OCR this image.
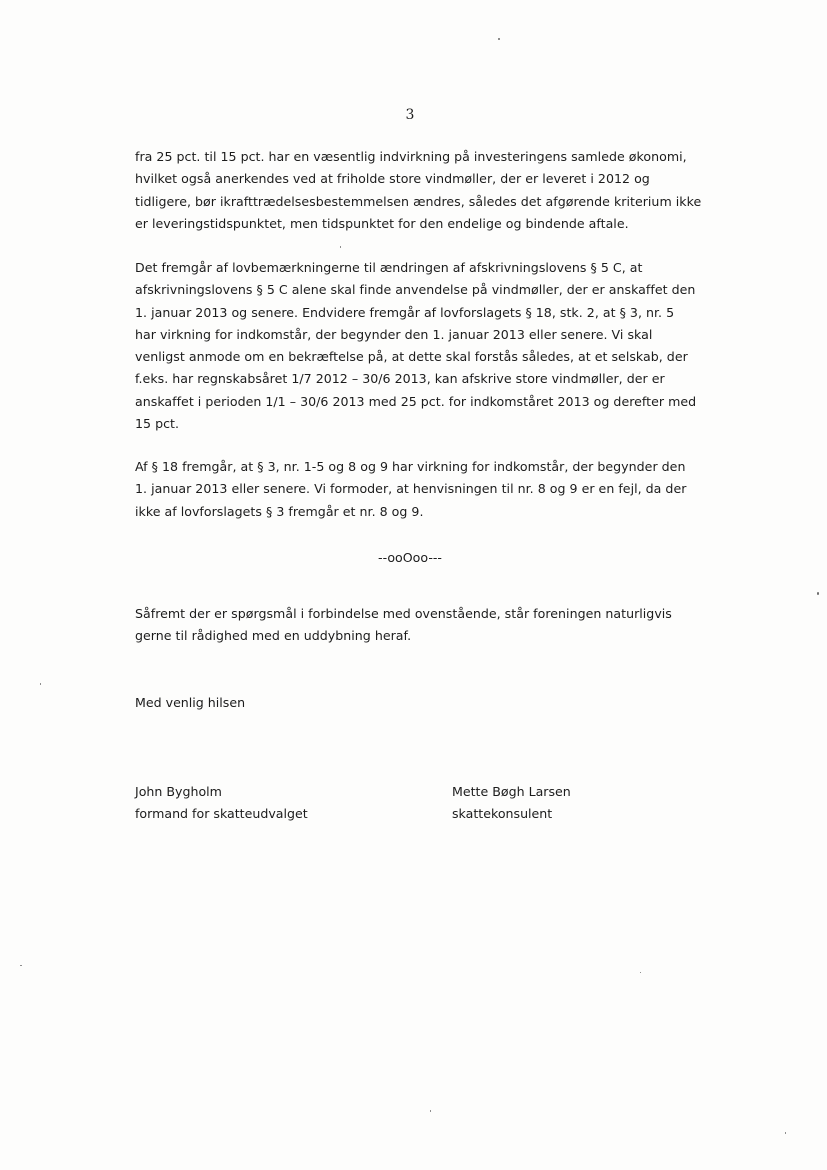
3
fra 25 pct. til 15 pct. har en væsentlig indvirkning på investeringens samlede økonomi,
hvilket også anerkendes ved at friholde store vindmøller, der er leveret i 2012 og
tidligere, bør ikrafttrædelsesbestemmelsen ændres, således det afgørende kriterium ikke
er leveringstidspunktet, men tidspunktet for den endelige og bindende aftale.
Det fremgår af lovbemærkningerne til ændringen af afskrivningslovens § 5 C, at
afskrivningslovens § 5 C alene skal finde anvendelse på vindmøller, der er anskaffet den
1. januar 2013 og senere. Endvidere fremgår af lovforslagets § 18, stk. 2, at § 3, nr. 5
har virkning for indkomstår, der begynder den 1. januar 2013 eller senere. Vi skal
venligst anmode om en bekræftelse på, at dette skal forstås således, at et selskab, der
f.eks. har regnskabsåret 1/7 2012 – 30/6 2013, kan afskrive store vindmøller, der er
anskaffet i perioden 1/1 – 30/6 2013 med 25 pct. for indkomståret 2013 og derefter med
15 pct.
Af § 18 fremgår, at § 3, nr. 1-5 og 8 og 9 har virkning for indkomstår, der begynder den
1. januar 2013 eller senere. Vi formoder, at henvisningen til nr. 8 og 9 er en fejl, da der
ikke af lovforslagets § 3 fremgår et nr. 8 og 9.
--ooOoo---
Såfremt der er spørgsmål i forbindelse med ovenstående, står foreningen naturligvis
gerne til rådighed med en uddybning heraf.
Med venlig hilsen
John Bygholm
formand for skatteudvalget
Mette Bøgh Larsen
skattekonsulent
